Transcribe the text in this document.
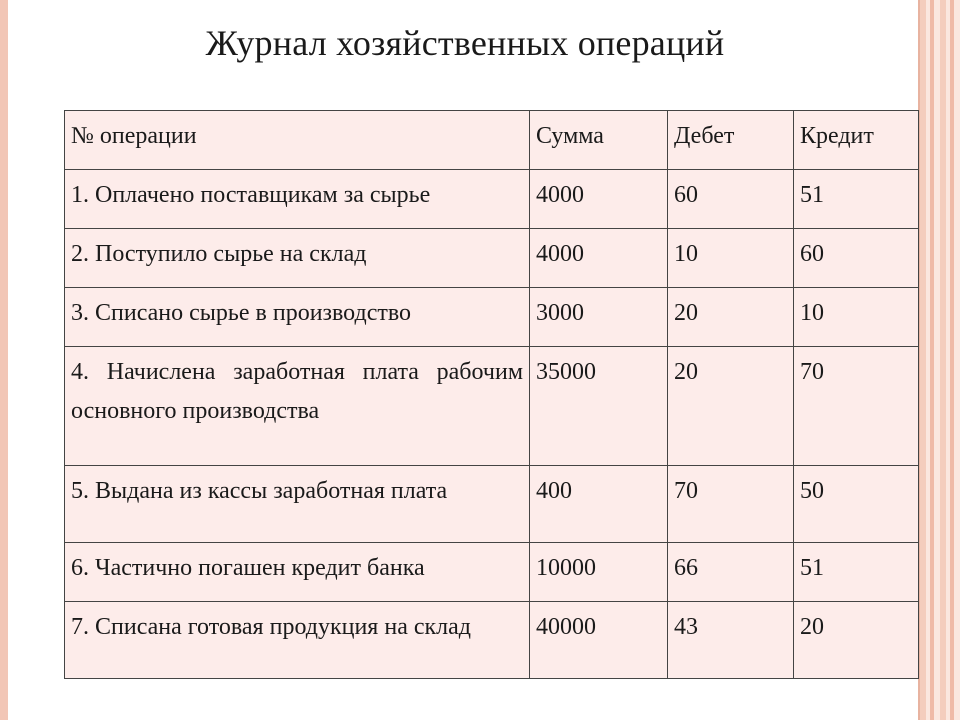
Журнал хозяйственных операций
№ операции	Сумма	Дебет	Кредит
1. Оплачено поставщикам за сырье	4000	60	51
2. Поступило сырье на склад	4000	10	60
3. Списано сырье в производство	3000	20	10
4. Начислена заработная плата рабочим основного производства	35000	20	70
5. Выдана из кассы заработная плата	400	70	50
6. Частично погашен кредит банка	10000	66	51
7. Списана готовая продукция на склад	40000	43	20
